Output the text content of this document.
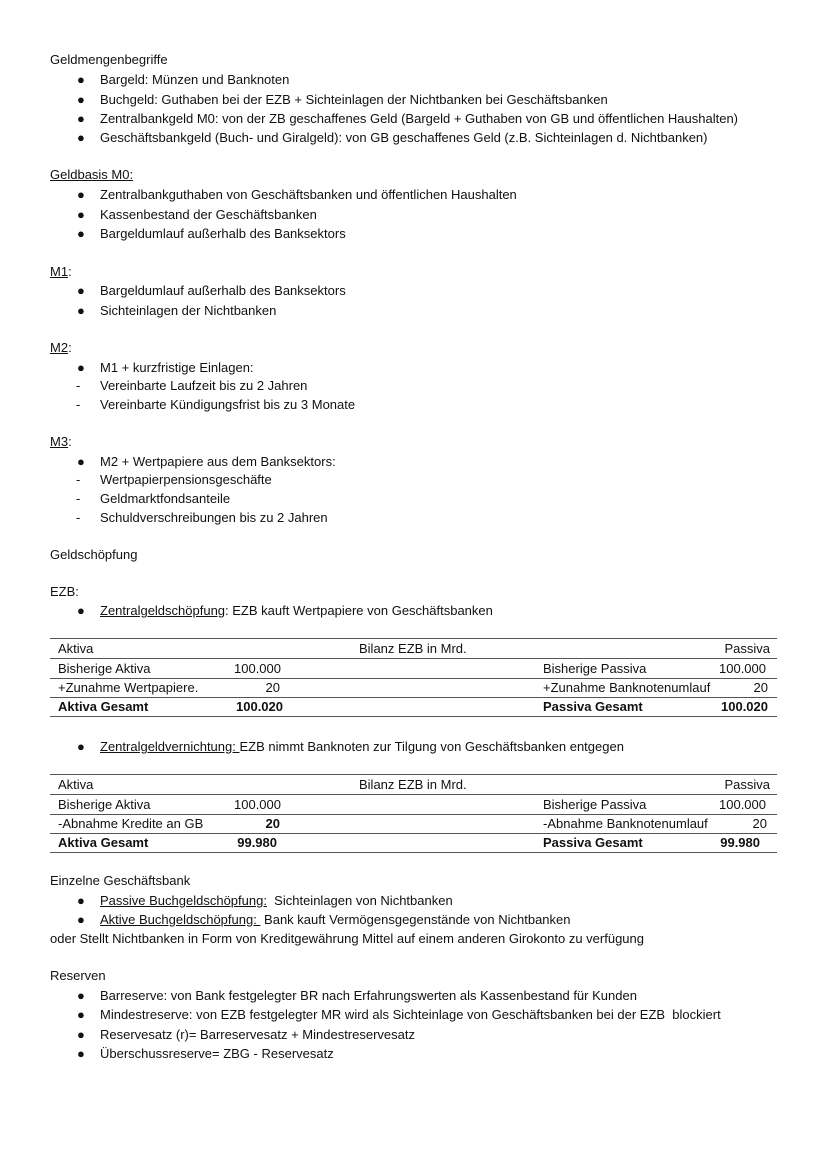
Geldmengenbegriffe
● Bargeld: Münzen und Banknoten
● Buchgeld: Guthaben bei der EZB + Sichteinlagen der Nichtbanken bei Geschäftsbanken
● Zentralbankgeld M0: von der ZB geschaffenes Geld (Bargeld + Guthaben von GB und öffentlichen Haushalten)
● Geschäftsbankgeld (Buch- und Giralgeld): von GB geschaffenes Geld (z.B. Sichteinlagen d. Nichtbanken)
Geldbasis M0:
● Zentralbankguthaben von Geschäftsbanken und öffentlichen Haushalten
● Kassenbestand der Geschäftsbanken
● Bargeldumlauf außerhalb des Banksektors
M1:
● Bargeldumlauf außerhalb des Banksektors
● Sichteinlagen der Nichtbanken
M2:
● M1 + kurzfristige Einlagen:
- Vereinbarte Laufzeit bis zu 2 Jahren
- Vereinbarte Kündigungsfrist bis zu 3 Monate
M3:
● M2 + Wertpapiere aus dem Banksektors:
- Wertpapierpensionsgeschäfte
- Geldmarktfondsanteile
- Schuldverschreibungen bis zu 2 Jahren
Geldschöpfung
EZB:
● Zentralgeldschöpfung: EZB kauft Wertpapiere von Geschäftsbanken
Aktiva	Bilanz EZB in Mrd.	Passiva
Bisherige Aktiva	100.000	Bisherige Passiva	100.000
+Zunahme Wertpapiere.	20	+Zunahme Banknotenumlauf	20
Aktiva Gesamt	100.020	Passiva Gesamt	100.020
● Zentralgeldvernichtung: EZB nimmt Banknoten zur Tilgung von Geschäftsbanken entgegen
Aktiva	Bilanz EZB in Mrd.	Passiva
Bisherige Aktiva	100.000	Bisherige Passiva	100.000
-Abnahme Kredite an GB	20	-Abnahme Banknotenumlauf	20
Aktiva Gesamt	99.980	Passiva Gesamt	99.980
Einzelne Geschäftsbank
● Passive Buchgeldschöpfung:  Sichteinlagen von Nichtbanken
● Aktive Buchgeldschöpfung:  Bank kauft Vermögensgegenstände von Nichtbanken
oder Stellt Nichtbanken in Form von Kreditgewährung Mittel auf einem anderen Girokonto zu verfügung
Reserven
● Barreserve: von Bank festgelegter BR nach Erfahrungswerten als Kassenbestand für Kunden
● Mindestreserve: von EZB festgelegter MR wird als Sichteinlage von Geschäftsbanken bei der EZB  blockiert
● Reservesatz (r)= Barreservesatz + Mindestreservesatz
● Überschussreserve= ZBG - Reservesatz
